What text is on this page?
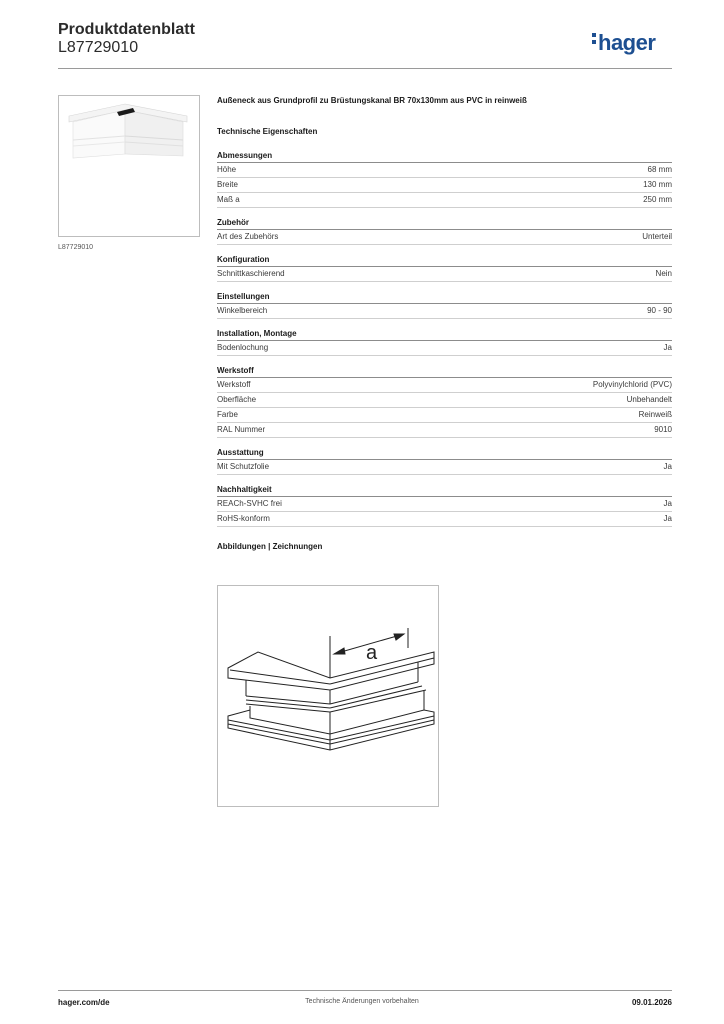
Produktdatenblatt
L87729010	hager
L87729010
Außeneck aus Grundprofil zu Brüstungskanal BR 70x130mm aus PVC in reinweiß
Technische Eigenschaften
Abmessungen
Höhe	68 mm
Breite	130 mm
Maß a	250 mm
Zubehör
Art des Zubehörs	Unterteil
Konfiguration
Schnittkaschierend	Nein
Einstellungen
Winkelbereich	90 - 90
Installation, Montage
Bodenlochung	Ja
Werkstoff
Werkstoff	Polyvinylchlorid (PVC)
Oberfläche	Unbehandelt
Farbe	Reinweiß
RAL Nummer	9010
Ausstattung
Mit Schutzfolie	Ja
Nachhaltigkeit
REACh-SVHC frei	Ja
RoHS-konform	Ja
Abbildungen | Zeichnungen
a
hager.com/de	Technische Änderungen vorbehalten	09.01.2026
